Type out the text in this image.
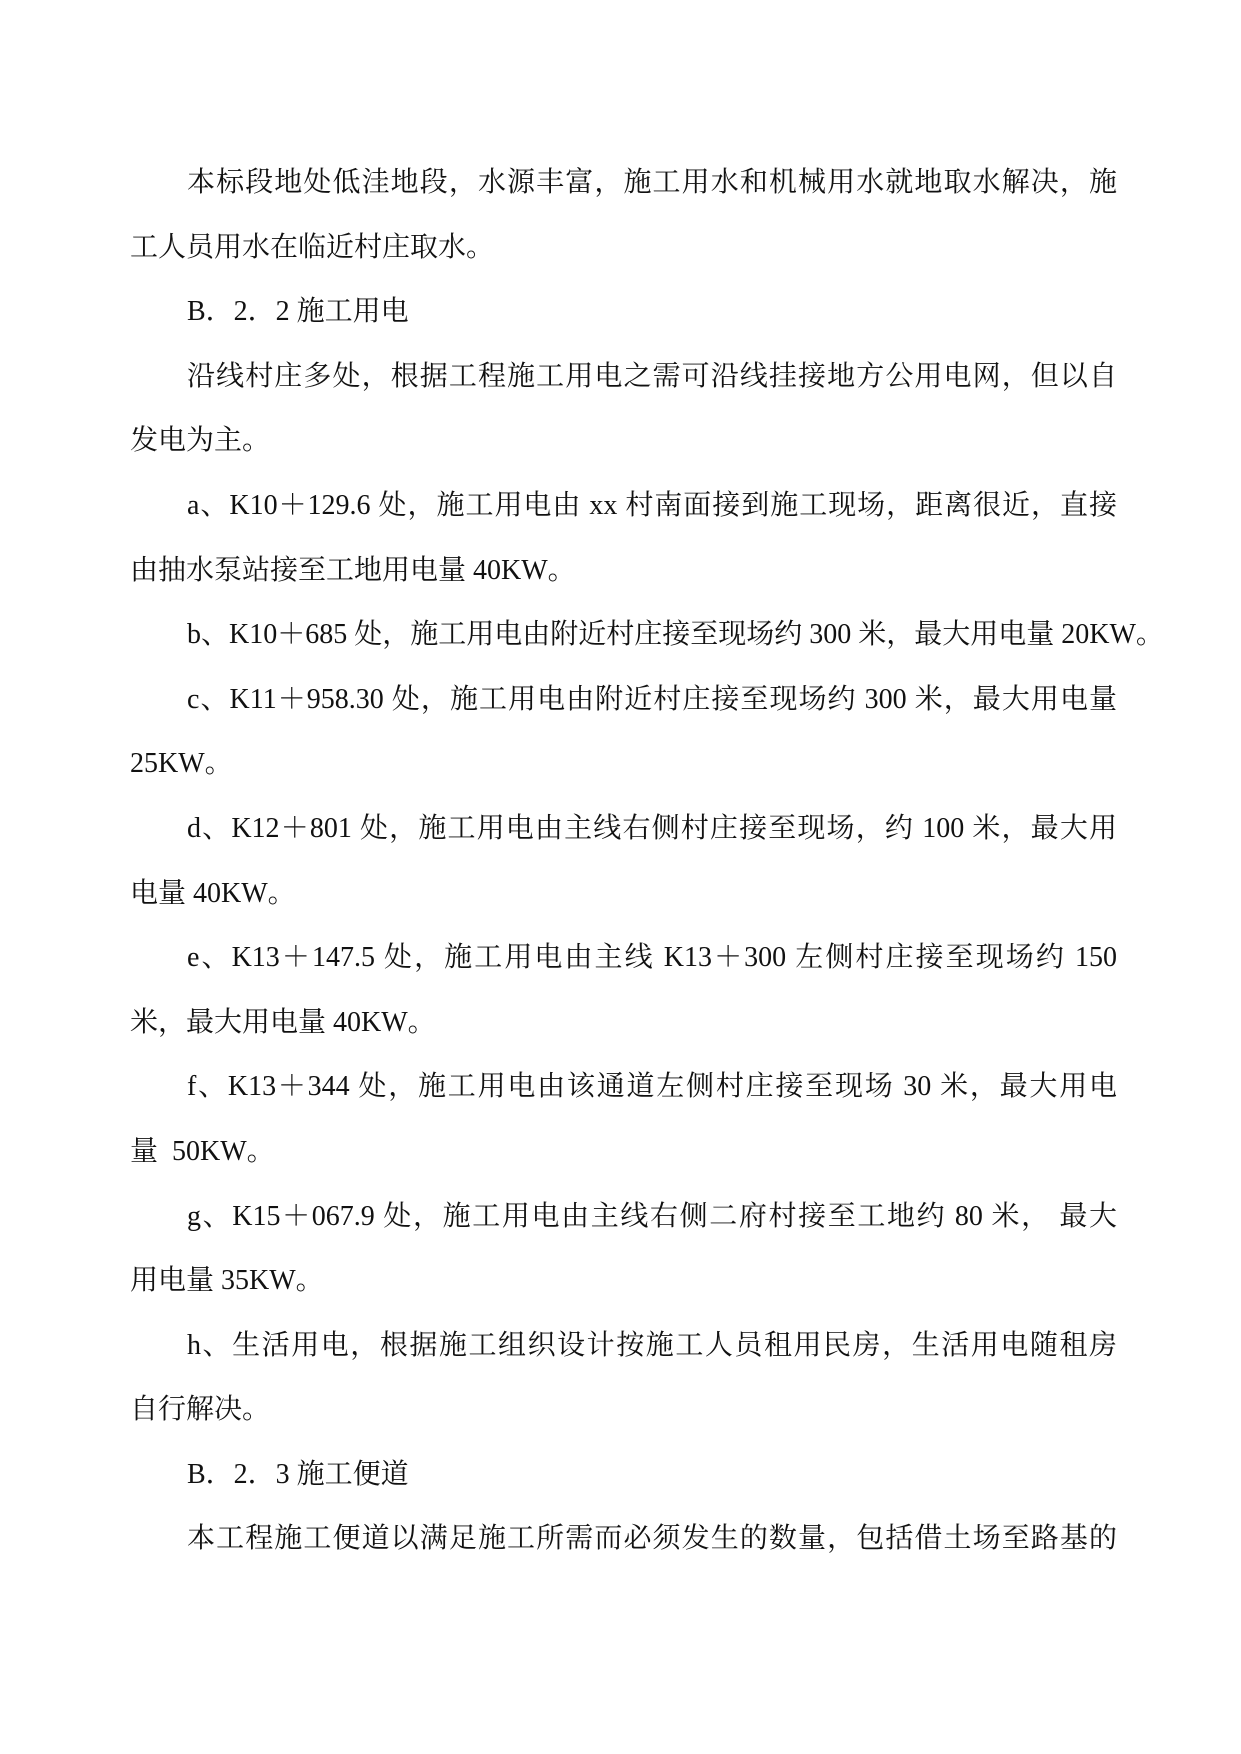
本标段地处低洼地段，水源丰富，施工用水和机械用水就地取水解决，施
工人员用水在临近村庄取水。
B．2．2 施工用电
沿线村庄多处，根据工程施工用电之需可沿线挂接地方公用电网，但以自
发电为主。
a、K10＋129.6 处，施工用电由 xx 村南面接到施工现场，距离很近，直接
由抽水泵站接至工地用电量 40KW。
b、K10＋685 处，施工用电由附近村庄接至现场约 300 米，最大用电量 20KW。
c、K11＋958.30 处，施工用电由附近村庄接至现场约 300 米，最大用电量
25KW。
d、K12＋801 处，施工用电由主线右侧村庄接至现场，约 100 米，最大用
电量 40KW。
e、K13＋147.5 处，施工用电由主线 K13＋300 左侧村庄接至现场约 150
米，最大用电量 40KW。
f、K13＋344 处，施工用电由该通道左侧村庄接至现场 30 米，最大用电
量  50KW。
g、K15＋067.9 处，施工用电由主线右侧二府村接至工地约 80 米， 最大
用电量 35KW。
h、生活用电，根据施工组织设计按施工人员租用民房，生活用电随租房
自行解决。
B．2．3 施工便道
本工程施工便道以满足施工所需而必须发生的数量，包括借土场至路基的
